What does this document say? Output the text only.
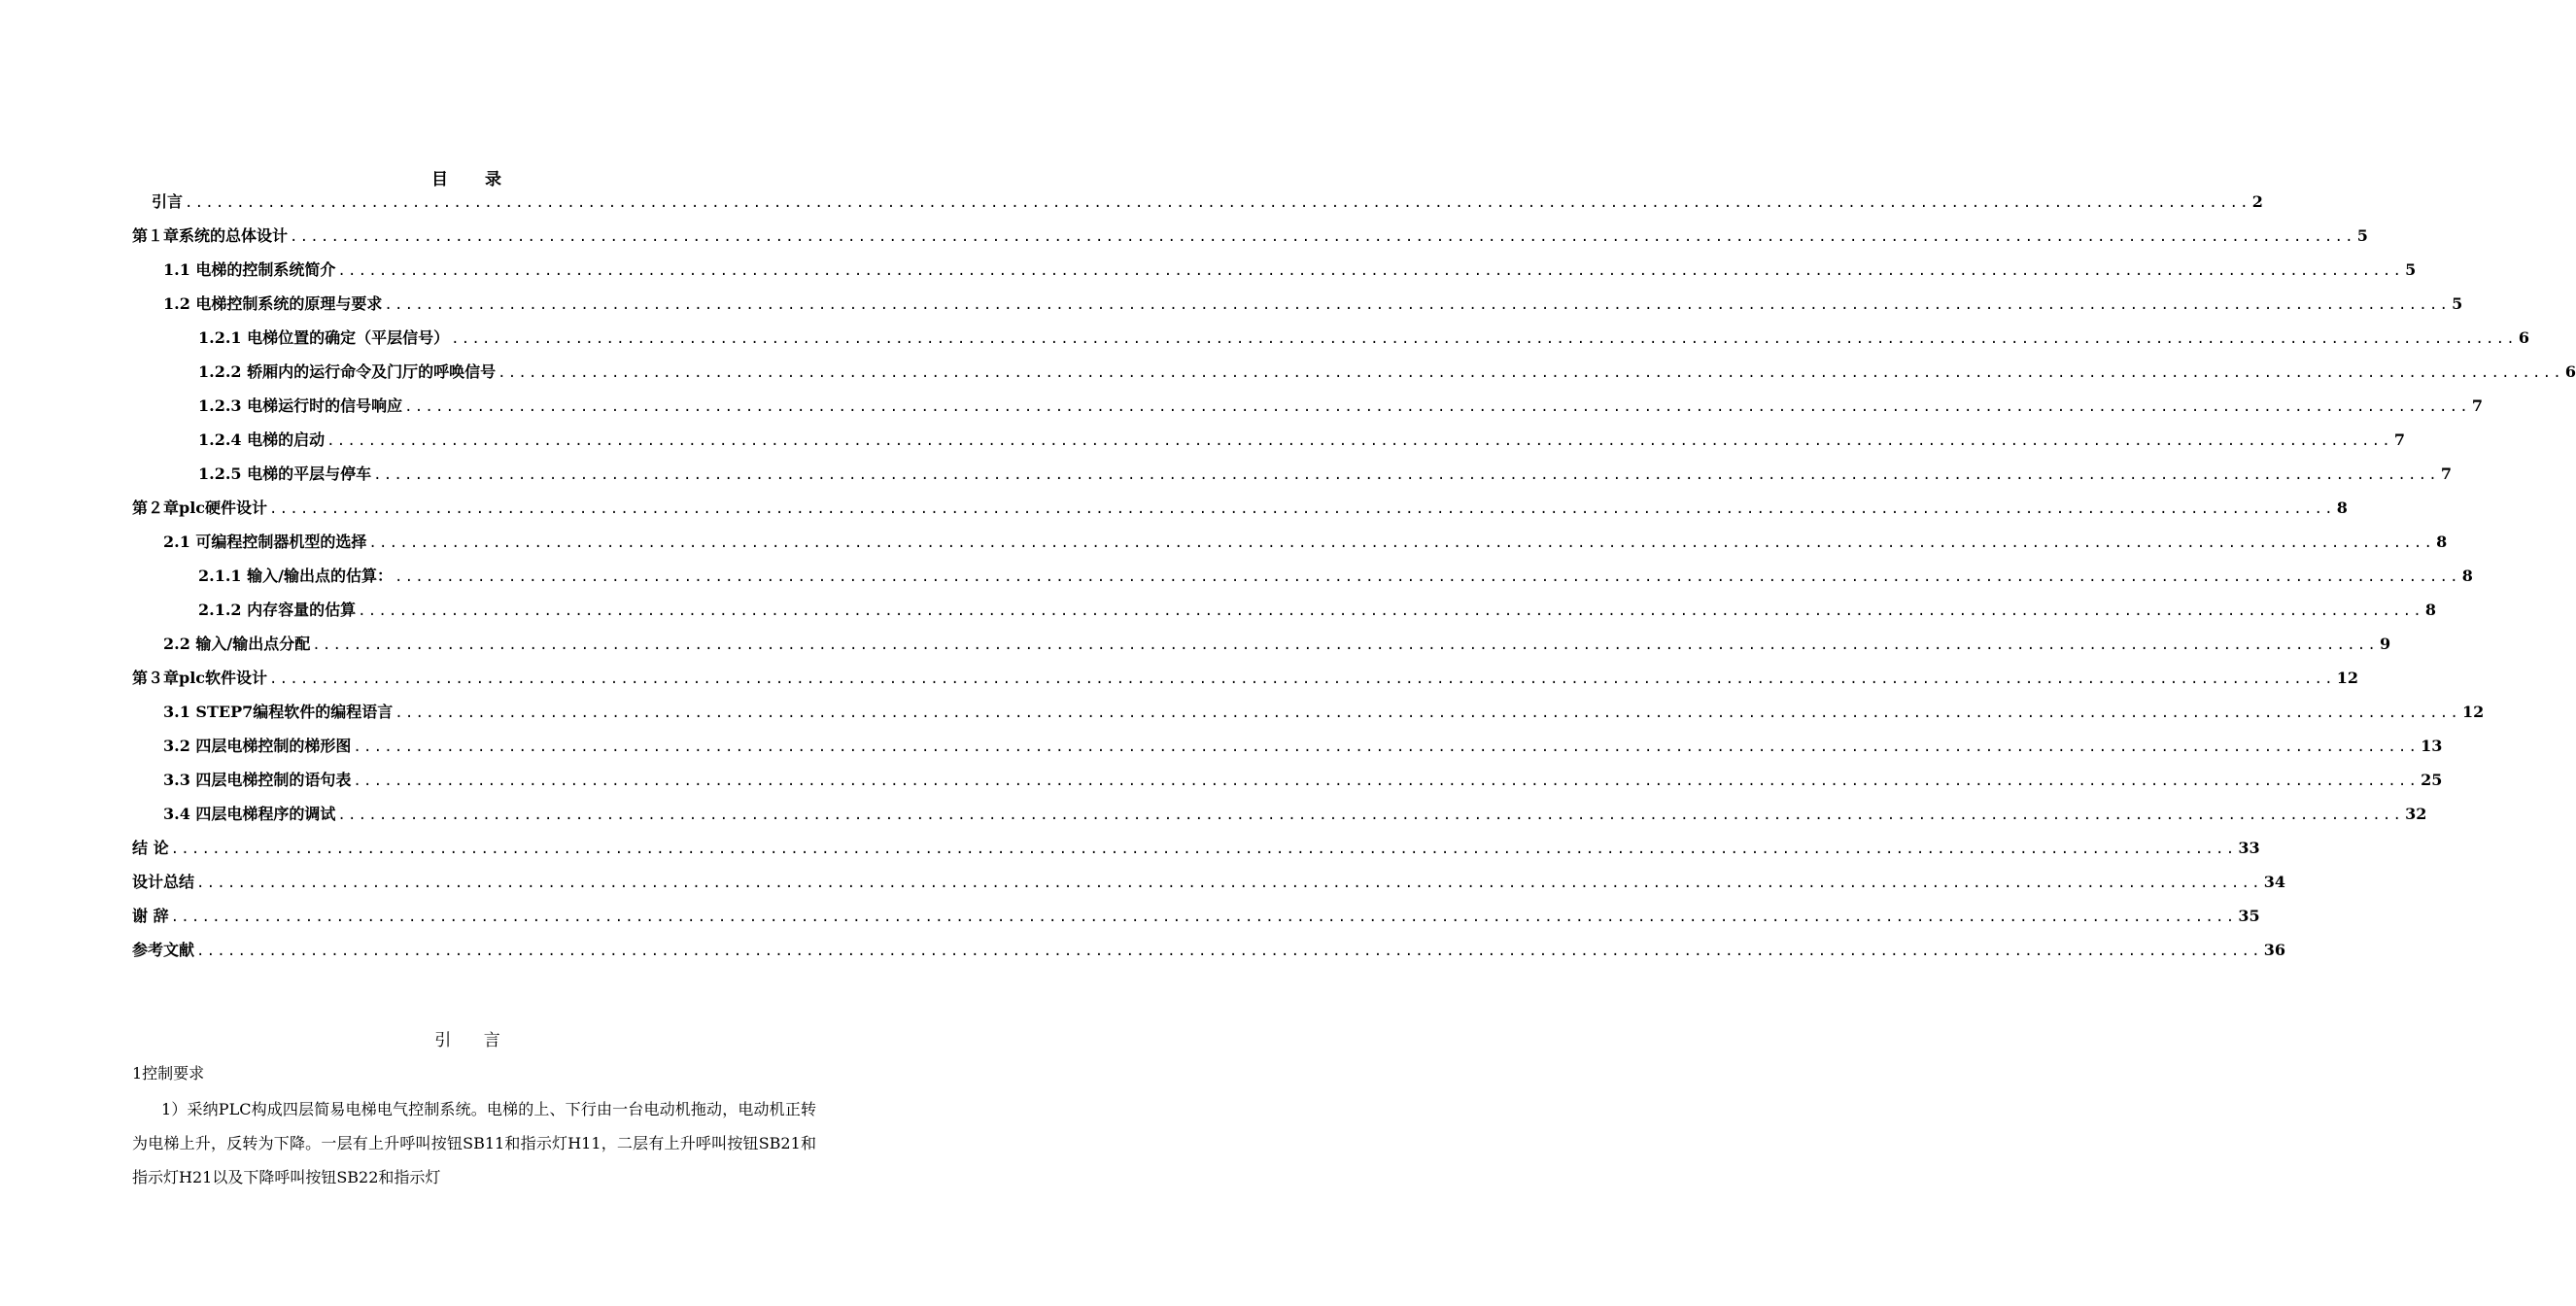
目 录
引言 ........................................................................................................................................................................................................ 2
第１章系统的总体设计 ........................................................................................................................................................................................................ 5
1.1 电梯的控制系统简介 ........................................................................................................................................................................................................ 5
1.2 电梯控制系统的原理与要求 ........................................................................................................................................................................................................ 5
1.2.1 电梯位置的确定（平层信号） ........................................................................................................................................................................................................ 6
1.2.2 轿厢内的运行命令及门厅的呼唤信号 ........................................................................................................................................................................................................ 6
1.2.3 电梯运行时的信号响应 ........................................................................................................................................................................................................ 7
1.2.4 电梯的启动 ........................................................................................................................................................................................................ 7
1.2.5 电梯的平层与停车 ........................................................................................................................................................................................................ 7
第２章plc硬件设计 ........................................................................................................................................................................................................ 8
2.1 可编程控制器机型的选择 ........................................................................................................................................................................................................ 8
2.1.1 输入/输出点的估算： ........................................................................................................................................................................................................ 8
2.1.2 内存容量的估算 ........................................................................................................................................................................................................ 8
2.2 输入/输出点分配 ........................................................................................................................................................................................................ 9
第３章plc软件设计 ........................................................................................................................................................................................................ 12
3.1 STEP7编程软件的编程语言 ........................................................................................................................................................................................................ 12
3.2 四层电梯控制的梯形图 ........................................................................................................................................................................................................ 13
3.3 四层电梯控制的语句表 ........................................................................................................................................................................................................ 25
3.4 四层电梯程序的调试 ........................................................................................................................................................................................................ 32
结 论 ........................................................................................................................................................................................................ 33
设计总结 ........................................................................................................................................................................................................ 34
谢 辞 ........................................................................................................................................................................................................ 35
参考文献 ........................................................................................................................................................................................................ 36
引 言
1控制要求
1）采纳PLC构成四层简易电梯电气控制系统。电梯的上、下行由一台电动机拖动，电动机正转为电梯上升，反转为下降。一层有上升呼叫按钮SB11和指示灯H11，二层有上升呼叫按钮SB21和指示灯H21以及下降呼叫按钮SB22和指示灯
